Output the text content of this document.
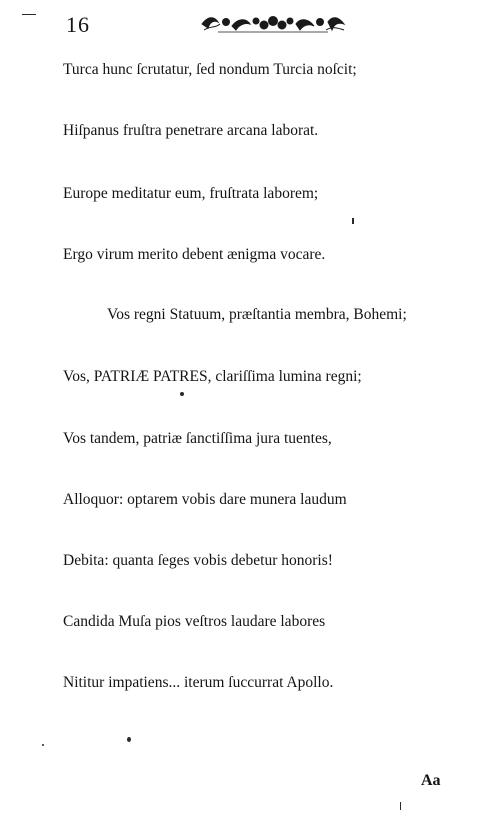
16
Turca hunc ſcrutatur, ſed nondum Turcia noſcit;
Hiſpanus fruſtra penetrare arcana laborat.
Europe meditatur eum, fruſtrata laborem;
Ergo virum merito debent ænigma vocare.
Vos regni Statuum, præſtantia membra, Bohemi;
Vos, PATRIÆ PATRES, clariſſima lumina regni;
Vos tandem, patriæ ſanctiſſima jura tuentes,
Alloquor: optarem vobis dare munera laudum
Debita: quanta ſeges vobis debetur honoris!
Candida Muſa pios veſtros laudare labores
Nititur impatiens... iterum ſuccurrat Apollo.
Aa
